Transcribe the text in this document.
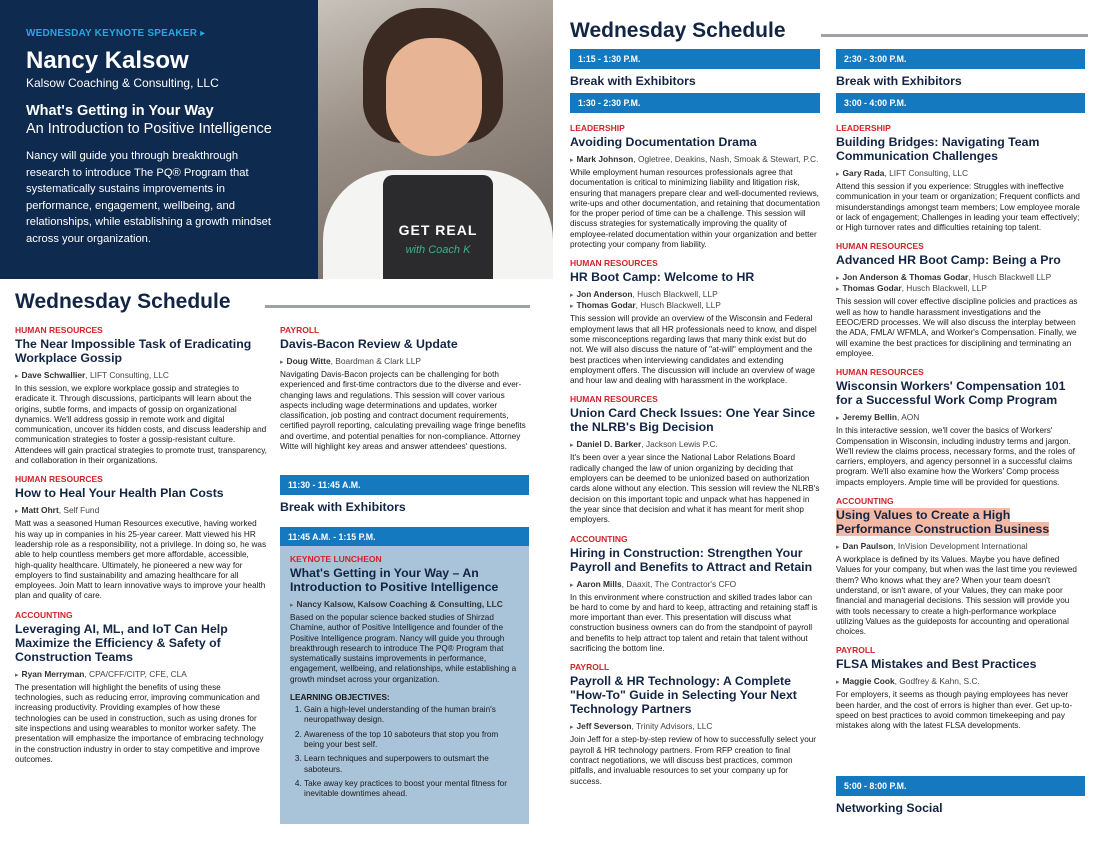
WEDNESDAY KEYNOTE SPEAKER ▸
Nancy Kalsow
Kalsow Coaching & Consulting, LLC
What's Getting in Your Way
An Introduction to Positive Intelligence
Nancy will guide you through breakthrough research to introduce The PQ® Program that systematically sustains improvements in performance, engagement, wellbeing, and relationships, while establishing a growth mindset across your organization.
GET REAL
with Coach K
Wednesday Schedule
Wednesday Schedule
HUMAN RESOURCES
The Near Impossible Task of Eradicating Workplace Gossip
▸ Dave Schwallier, LIFT Consulting, LLC
In this session, we explore workplace gossip and strategies to eradicate it. Through discussions, participants will learn about the origins, subtle forms, and impacts of gossip on organizational dynamics. We'll address gossip in remote work and digital communication, uncover its hidden costs, and discuss leadership and communication strategies to foster a gossip-resistant culture. Attendees will gain practical strategies to promote trust, transparency, and collaboration in their organizations.
HUMAN RESOURCES
How to Heal Your Health Plan Costs
▸ Matt Ohrt, Self Fund
Matt was a seasoned Human Resources executive, having worked his way up in companies in his 25-year career. Matt viewed his HR leadership role as a responsibility, not a privilege. In doing so, he was able to help countless members get more affordable, accessible, high-quality healthcare. Ultimately, he pioneered a new way for employers to find sustainability and amazing healthcare for all employees. Join Matt to learn innovative ways to improve your health plan and quality of care.
ACCOUNTING
Leveraging AI, ML, and IoT Can Help Maximize the Efficiency & Safety of Construction Teams
▸ Ryan Merryman, CPA/CFF/CITP, CFE, CLA
The presentation will highlight the benefits of using these technologies, such as reducing error, improving communication and increasing productivity. Providing examples of how these technologies can be used in construction, such as using drones for site inspections and using wearables to monitor worker safety. The presentation will emphasize the importance of embracing technology in the construction industry in order to stay competitive and improve outcomes.
PAYROLL
Davis-Bacon Review & Update
▸ Doug Witte, Boardman & Clark LLP
Navigating Davis-Bacon projects can be challenging for both experienced and first-time contractors due to the diverse and ever-changing laws and regulations. This session will cover various aspects including wage determinations and updates, worker classification, job posting and contract document requirements, certified payroll reporting, calculating prevailing wage fringe benefits and overtime, and potential penalties for non-compliance. Attorney Witte will highlight key areas and answer attendees' questions.
11:30 - 11:45 A.M.
Break with Exhibitors
11:45 A.M. - 1:15 P.M.
KEYNOTE LUNCHEON
What's Getting in Your Way – An Introduction to Positive Intelligence
▸ Nancy Kalsow, Kalsow Coaching & Consulting, LLC
Based on the popular science backed studies of Shirzad Chamine, author of Positive Intelligence and founder of the Positive Intelligence program. Nancy will guide you through breakthrough research to introduce The PQ® Program that systematically sustains improvements in performance, engagement, wellbeing, and relationships, while establishing a growth mindset across your organization.
LEARNING OBJECTIVES:
1. Gain a high-level understanding of the human brain's neuropathway design.
2. Awareness of the top 10 saboteurs that stop you from being your best self.
3. Learn techniques and superpowers to outsmart the saboteurs.
4. Take away key practices to boost your mental fitness for inevitable downtimes ahead.
1:15 - 1:30 P.M.
Break with Exhibitors
1:30 - 2:30 P.M.
LEADERSHIP
Avoiding Documentation Drama
▸ Mark Johnson, Ogletree, Deakins, Nash, Smoak & Stewart, P.C.
While employment human resources professionals agree that documentation is critical to minimizing liability and litigation risk, ensuring that managers prepare clear and well-documented reviews, write-ups and other documentation, and retaining that documentation for the proper period of time can be a challenge. This session will discuss strategies for systematically improving the quality of employee-related documentation within your organization and better protecting your company from liability.
HUMAN RESOURCES
HR Boot Camp: Welcome to HR
▸ Jon Anderson, Husch Blackwell, LLP
▸ Thomas Godar, Husch Blackwell, LLP
This session will provide an overview of the Wisconsin and Federal employment laws that all HR professionals need to know, and dispel some misconceptions regarding laws that many think exist but do not. We will also discuss the nature of "at-will" employment and the best practices when interviewing candidates and extending employment offers. The discussion will include an overview of wage and hour law and dealing with harassment in the workplace.
HUMAN RESOURCES
Union Card Check Issues: One Year Since the NLRB's Big Decision
▸ Daniel D. Barker, Jackson Lewis P.C.
It's been over a year since the National Labor Relations Board radically changed the law of union organizing by deciding that employers can be deemed to be unionized based on authorization cards alone without any election. This session will review the NLRB's decision on this important topic and unpack what has happened in the year since that decision and what it has meant for merit shop employers.
ACCOUNTING
Hiring in Construction: Strengthen Your Payroll and Benefits to Attract and Retain
▸ Aaron Mills, Daaxit, The Contractor's CFO
In this environment where construction and skilled trades labor can be hard to come by and hard to keep, attracting and retaining staff is more important than ever. This presentation will discuss what construction business owners can do from the standpoint of payroll and benefits to help attract top talent and retain that talent without sacrificing the bottom line.
PAYROLL
Payroll & HR Technology: A Complete "How-To" Guide in Selecting Your Next Technology Partners
▸ Jeff Severson, Trinity Advisors, LLC
Join Jeff for a step-by-step review of how to successfully select your payroll & HR technology partners. From RFP creation to final contract negotiations, we will discuss best practices, common pitfalls, and invaluable resources to set your company up for success.
2:30 - 3:00 P.M.
Break with Exhibitors
3:00 - 4:00 P.M.
LEADERSHIP
Building Bridges: Navigating Team Communication Challenges
▸ Gary Rada, LIFT Consulting, LLC
Attend this session if you experience: Struggles with ineffective communication in your team or organization; Frequent conflicts and misunderstandings amongst team members; Low employee morale or lack of engagement; Challenges in leading your team effectively; or High turnover rates and difficulties retaining top talent.
HUMAN RESOURCES
Advanced HR Boot Camp: Being a Pro
▸ Jon Anderson & Thomas Godar, Husch Blackwell LLP
▸ Thomas Godar, Husch Blackwell, LLP
This session will cover effective discipline policies and practices as well as how to handle harassment investigations and the EEOC/ERD processes. We will also discuss the interplay between the ADA, FMLA/ WFMLA, and Worker's Compensation. Finally, we will examine the best practices for disciplining and terminating an employee.
HUMAN RESOURCES
Wisconsin Workers' Compensation 101 for a Successful Work Comp Program
▸ Jeremy Bellin, AON
In this interactive session, we'll cover the basics of Workers' Compensation in Wisconsin, including industry terms and jargon. We'll review the claims process, necessary forms, and the roles of carriers, employers, and agency personnel in a successful claims program. We'll also examine how the Workers' Comp process impacts employers. Ample time will be provided for questions.
ACCOUNTING
Using Values to Create a High Performance Construction Business
▸ Dan Paulson, InVision Development International
A workplace is defined by its Values. Maybe you have defined Values for your company, but when was the last time you reviewed them? Who knows what they are? When your team doesn't understand, or isn't aware, of your Values, they can make poor financial and managerial decisions. This session will provide you with tools necessary to create a high-performance workplace utilizing Values as the guideposts for accounting and operational choices.
PAYROLL
FLSA Mistakes and Best Practices
▸ Maggie Cook, Godfrey & Kahn, S.C.
For employers, it seems as though paying employees has never been harder, and the cost of errors is higher than ever. Get up-to-speed on best practices to avoid common timekeeping and pay mistakes along with the latest FLSA developments.
5:00 - 8:00 P.M.
Networking Social
